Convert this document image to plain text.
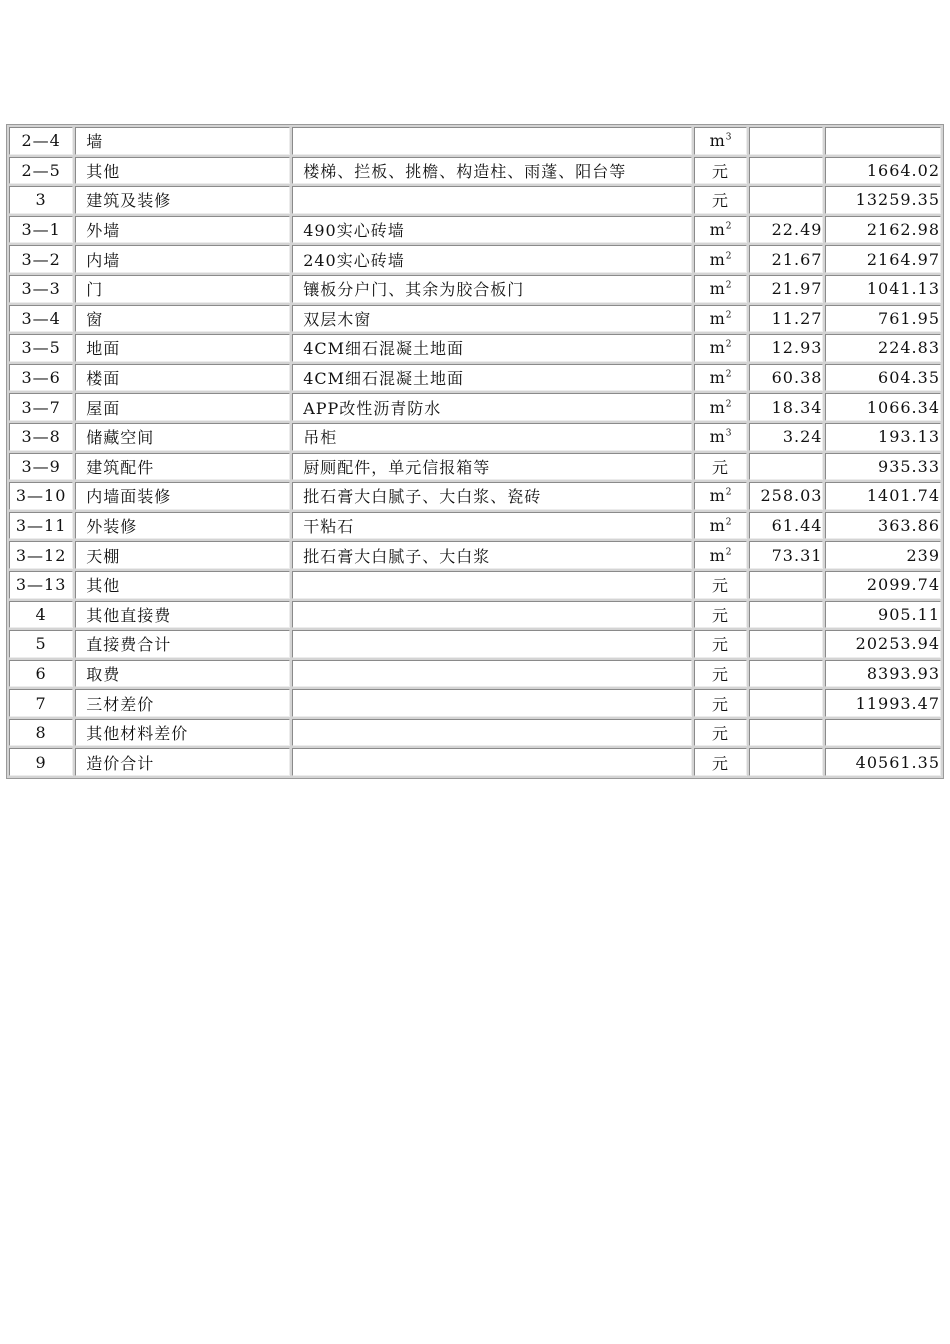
2—4	墙		$m^3$		
2—5	其他	楼梯、拦板、挑檐、构造柱、雨蓬、阳台等	元		1664.02
3	建筑及装修		元		13259.35
3—1	外墙	490实心砖墙	$m^2$	22.49	2162.98
3—2	内墙	240实心砖墙	$m^2$	21.67	2164.97
3—3	门	镶板分户门、其余为胶合板门	$m^2$	21.97	1041.13
3—4	窗	双层木窗	$m^2$	11.27	761.95
3—5	地面	4CM细石混凝土地面	$m^2$	12.93	224.83
3—6	楼面	4CM细石混凝土地面	$m^2$	60.38	604.35
3—7	屋面	APP改性沥青防水	$m^2$	18.34	1066.34
3—8	储藏空间	吊柜	$m^3$	3.24	193.13
3—9	建筑配件	厨厕配件，单元信报箱等	元		935.33
3—10	内墙面装修	批石膏大白腻子、大白浆、瓷砖	$m^2$	258.03	1401.74
3—11	外装修	干粘石	$m^2$	61.44	363.86
3—12	天棚	批石膏大白腻子、大白浆	$m^2$	73.31	239
3—13	其他		元		2099.74
4	其他直接费		元		905.11
5	直接费合计		元		20253.94
6	取费		元		8393.93
7	三材差价		元		11993.47
8	其他材料差价		元		
9	造价合计		元		40561.35
